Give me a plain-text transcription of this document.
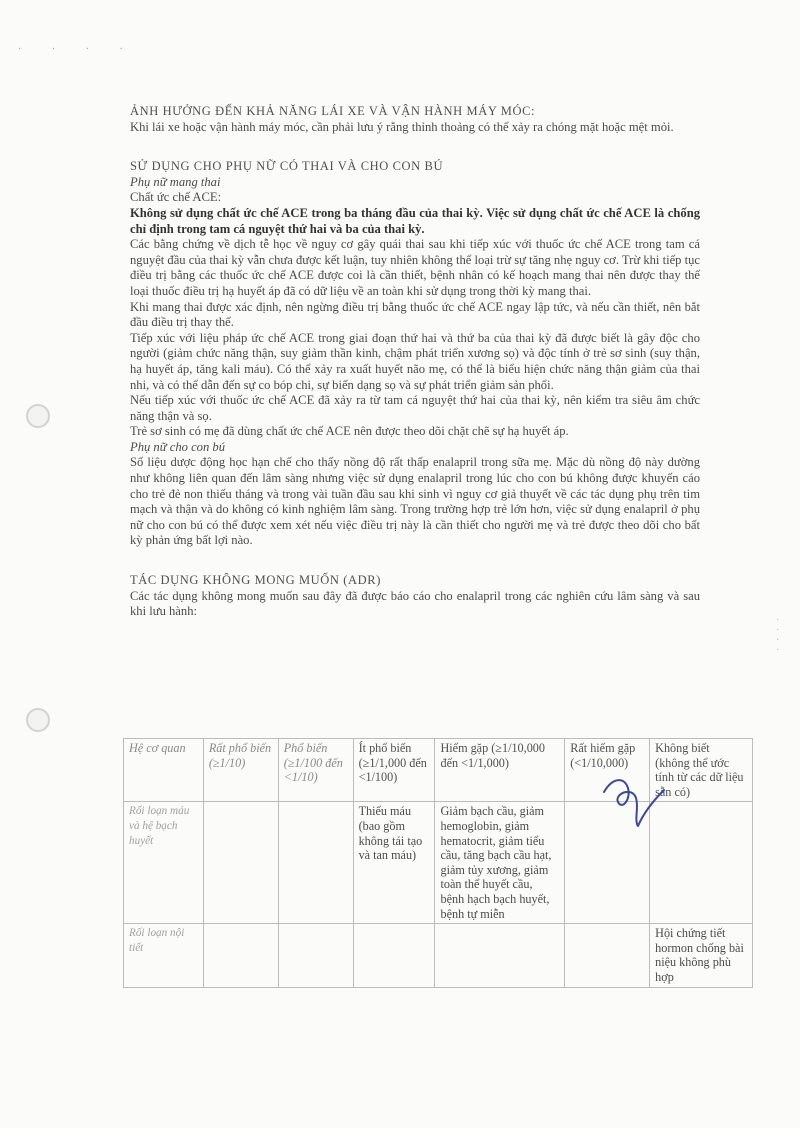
· · · ·
·
·
·
·
ẢNH HƯỞNG ĐẾN KHẢ NĂNG LÁI XE VÀ VẬN HÀNH MÁY MÓC:

Khi lái xe hoặc vận hành máy móc, cần phải lưu ý rằng thỉnh thoảng có thể xảy ra chóng mặt hoặc mệt mỏi.

SỬ DỤNG CHO PHỤ NỮ CÓ THAI VÀ CHO CON BÚ

Phụ nữ mang thai

Chất ức chế ACE:

Không sử dụng chất ức chế ACE trong ba tháng đầu của thai kỳ. Việc sử dụng chất ức chế ACE là chống chỉ định trong tam cá nguyệt thứ hai và ba của thai kỳ.

Các bằng chứng về dịch tễ học về nguy cơ gây quái thai sau khi tiếp xúc với thuốc ức chế ACE trong tam cá nguyệt đầu của thai kỳ vẫn chưa được kết luận, tuy nhiên không thể loại trừ sự tăng nhẹ nguy cơ. Trừ khi tiếp tục điều trị bằng các thuốc ức chế ACE được coi là cần thiết, bệnh nhân có kế hoạch mang thai nên được thay thế loại thuốc điều trị hạ huyết áp đã có dữ liệu về an toàn khi sử dụng trong thời kỳ mang thai.

Khi mang thai được xác định, nên ngừng điều trị bằng thuốc ức chế ACE ngay lập tức, và nếu cần thiết, nên bắt đầu điều trị thay thế.

Tiếp xúc với liệu pháp ức chế ACE trong giai đoạn thứ hai và thứ ba của thai kỳ đã được biết là gây độc cho người (giảm chức năng thận, suy giảm thần kinh, chậm phát triển xương sọ) và độc tính ở trẻ sơ sinh (suy thận, hạ huyết áp, tăng kali máu). Có thể xảy ra xuất huyết não mẹ, có thể là biểu hiện chức năng thận giảm của thai nhi, và có thể dẫn đến sự co bóp chi, sự biến dạng sọ và sự phát triển giảm sản phổi.

Nếu tiếp xúc với thuốc ức chế ACE đã xảy ra từ tam cá nguyệt thứ hai của thai kỳ, nên kiểm tra siêu âm chức năng thận và sọ.

Trẻ sơ sinh có mẹ đã dùng chất ức chế ACE nên được theo dõi chặt chẽ sự hạ huyết áp.

Phụ nữ cho con bú

Số liệu dược động học hạn chế cho thấy nồng độ rất thấp enalapril trong sữa mẹ. Mặc dù nồng độ này dường như không liên quan đến lâm sàng nhưng việc sử dụng enalapril trong lúc cho con bú không được khuyến cáo cho trẻ đẻ non thiếu tháng và trong vài tuần đầu sau khi sinh vì nguy cơ giả thuyết về các tác dụng phụ trên tim mạch và thận và do không có kinh nghiệm lâm sàng. Trong trường hợp trẻ lớn hơn, việc sử dụng enalapril ở phụ nữ cho con bú có thể được xem xét nếu việc điều trị này là cần thiết cho người mẹ và trẻ được theo dõi cho bất kỳ phản ứng bất lợi nào.

TÁC DỤNG KHÔNG MONG MUỐN (ADR)

Các tác dụng không mong muốn sau đây đã được báo cáo cho enalapril trong các nghiên cứu lâm sàng và sau khi lưu hành:

Hệ cơ quan	Rất phổ biến (≥1/10)	Phổ biến (≥1/100 đến <1/10)	Ít phổ biến (≥1/1,000 đến <1/100)	Hiếm gặp (≥1/10,000 đến <1/1,000)	Rất hiếm gặp (<1/10,000)	Không biết (không thể ước tính từ các dữ liệu sẵn có)
Rối loạn máu và hệ bạch huyết			Thiếu máu (bao gồm không tái tạo và tan máu)	Giảm bạch cầu, giảm hemoglobin, giảm hematocrit, giảm tiểu cầu, tăng bạch cầu hạt, giảm tủy xương, giảm toàn thể huyết cầu, bệnh hạch bạch huyết, bệnh tự miễn		
Rối loạn nội tiết						Hội chứng tiết hormon chống bài niệu không phù hợp
